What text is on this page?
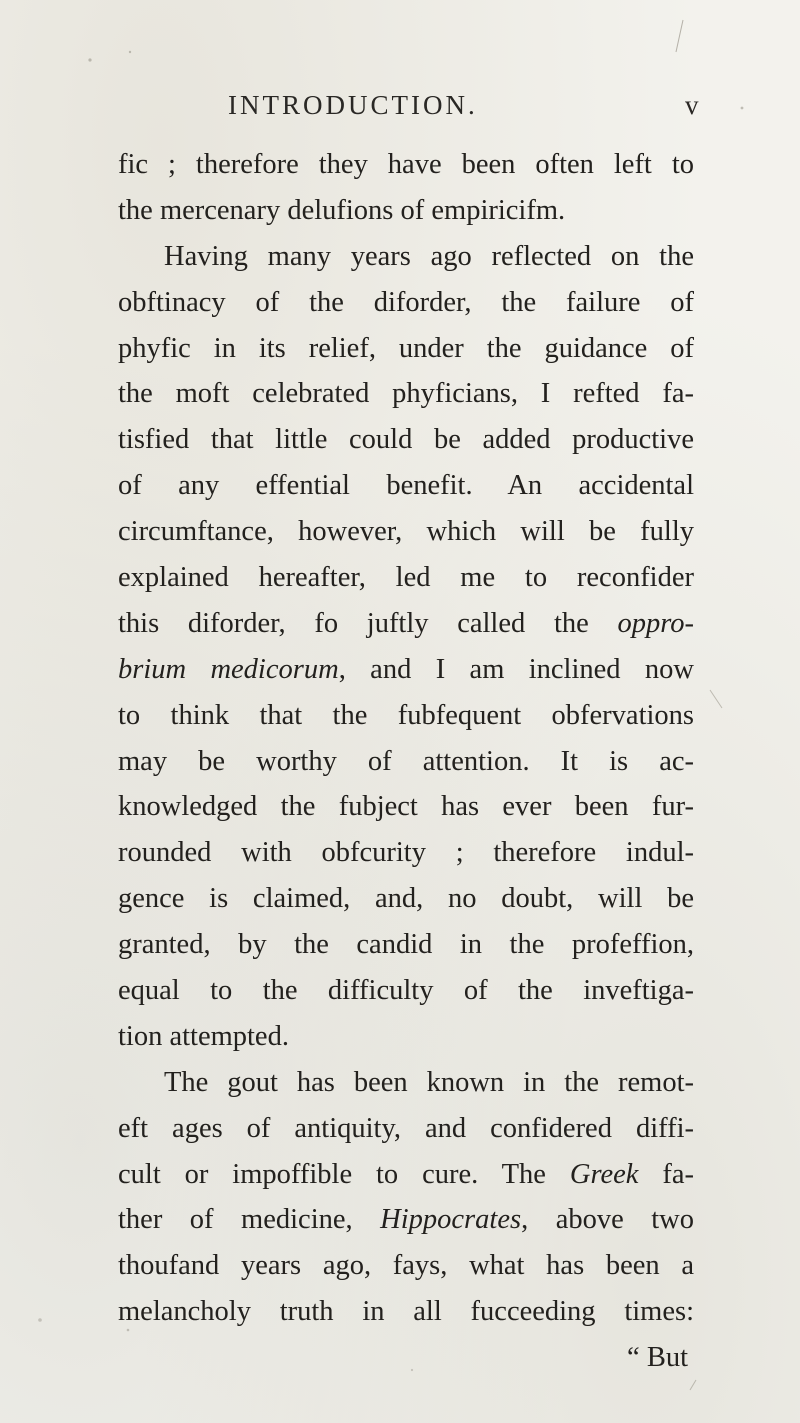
INTRODUCTION.	v
fic ; therefore they have been often left to
the mercenary delufions of empiricifm.
Having many years ago reflected on the
obftinacy of the diforder, the failure of
phyfic in its relief, under the guidance of
the moft celebrated phyficians, I refted fa-
tisfied that little could be added productive
of any effential benefit. An accidental
circumftance, however, which will be fully
explained hereafter, led me to reconfider
this diforder, fo juftly called the oppro-
brium medicorum, and I am inclined now
to think that the fubfequent obfervations
may be worthy of attention. It is ac-
knowledged the fubject has ever been fur-
rounded with obfcurity ; therefore indul-
gence is claimed, and, no doubt, will be
granted, by the candid in the profeffion,
equal to the difficulty of the inveftiga-
tion attempted.
The gout has been known in the remot-
eft ages of antiquity, and confidered diffi-
cult or impoffible to cure. The Greek fa-
ther of medicine, Hippocrates, above two
thoufand years ago, fays, what has been a
melancholy truth in all fucceeding times:
“ But
